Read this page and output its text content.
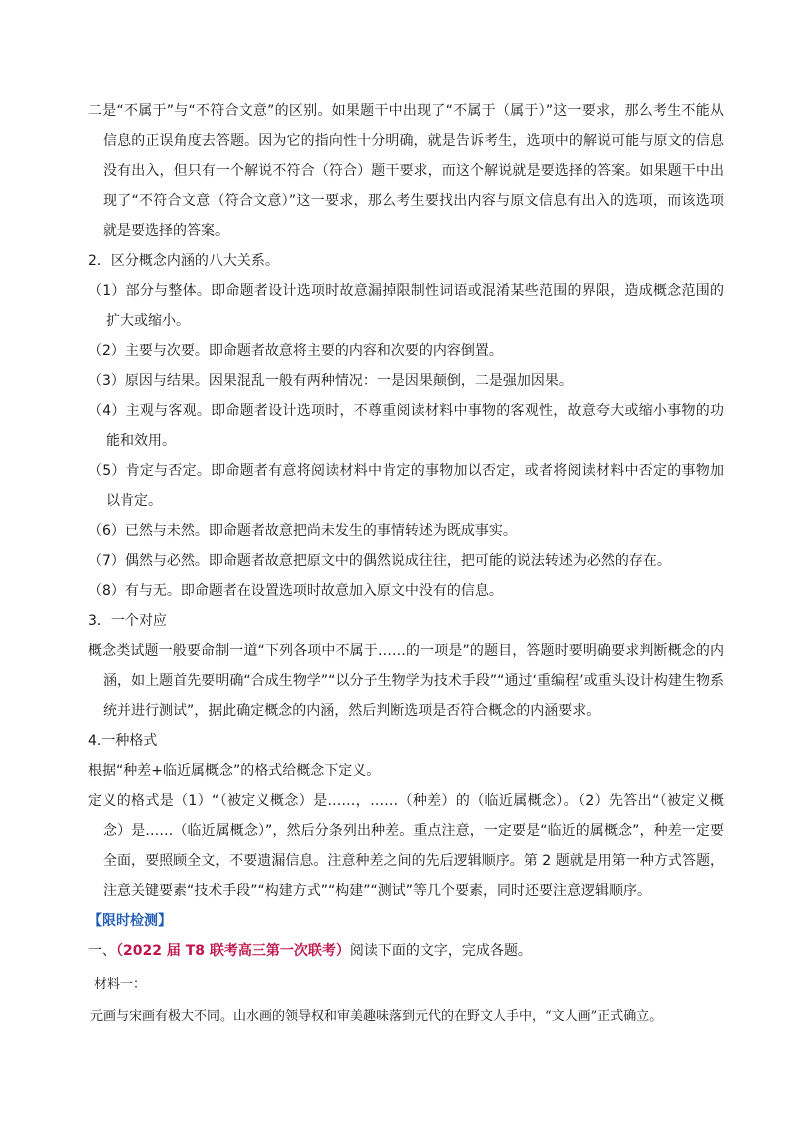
二是“不属于”与“不符合文意”的区别。如果题干中出现了“不属于（属于）”这一要求，那么考生不能从信息的正误角度去答题。因为它的指向性十分明确，就是告诉考生，选项中的解说可能与原文的信息没有出入，但只有一个解说不符合（符合）题干要求，而这个解说就是要选择的答案。如果题干中出现了“不符合文意（符合文意）”这一要求，那么考生要找出内容与原文信息有出入的选项，而该选项就是要选择的答案。

2．区分概念内涵的八大关系。

（1）部分与整体。即命题者设计选项时故意漏掉限制性词语或混淆某些范围的界限，造成概念范围的扩大或缩小。

（2）主要与次要。即命题者故意将主要的内容和次要的内容倒置。

（3）原因与结果。因果混乱一般有两种情况：一是因果颠倒，二是强加因果。

（4）主观与客观。即命题者设计选项时，不尊重阅读材料中事物的客观性，故意夸大或缩小事物的功能和效用。

（5）肯定与否定。即命题者有意将阅读材料中肯定的事物加以否定，或者将阅读材料中否定的事物加以肯定。

（6）已然与未然。即命题者故意把尚未发生的事情转述为既成事实。

（7）偶然与必然。即命题者故意把原文中的偶然说成往往，把可能的说法转述为必然的存在。

（8）有与无。即命题者在设置选项时故意加入原文中没有的信息。

3．一个对应

概念类试题一般要命制一道“下列各项中不属于……的一项是”的题目，答题时要明确要求判断概念的内涵，如上题首先要明确“合成生物学”“以分子生物学为技术手段”“通过‘重编程’或重头设计构建生物系统并进行测试”，据此确定概念的内涵，然后判断选项是否符合概念的内涵要求。

4.一种格式

根据“种差+临近属概念”的格式给概念下定义。

定义的格式是（1）“（被定义概念）是……，……（种差）的（临近属概念）。（2）先答出“（被定义概念）是……（临近属概念）”，然后分条列出种差。重点注意，一定要是“临近的属概念”，种差一定要全面，要照顾全文，不要遗漏信息。注意种差之间的先后逻辑顺序。第 2 题就是用第一种方式答题，注意关键要素“技术手段”“构建方式”“构建”“测试”等几个要素，同时还要注意逻辑顺序。

【限时检测】

一、（2022 届 T8 联考高三第一次联考）阅读下面的文字，完成各题。

材料一：

元画与宋画有极大不同。山水画的领导权和审美趣味落到元代的在野文人手中，“文人画”正式确立。
